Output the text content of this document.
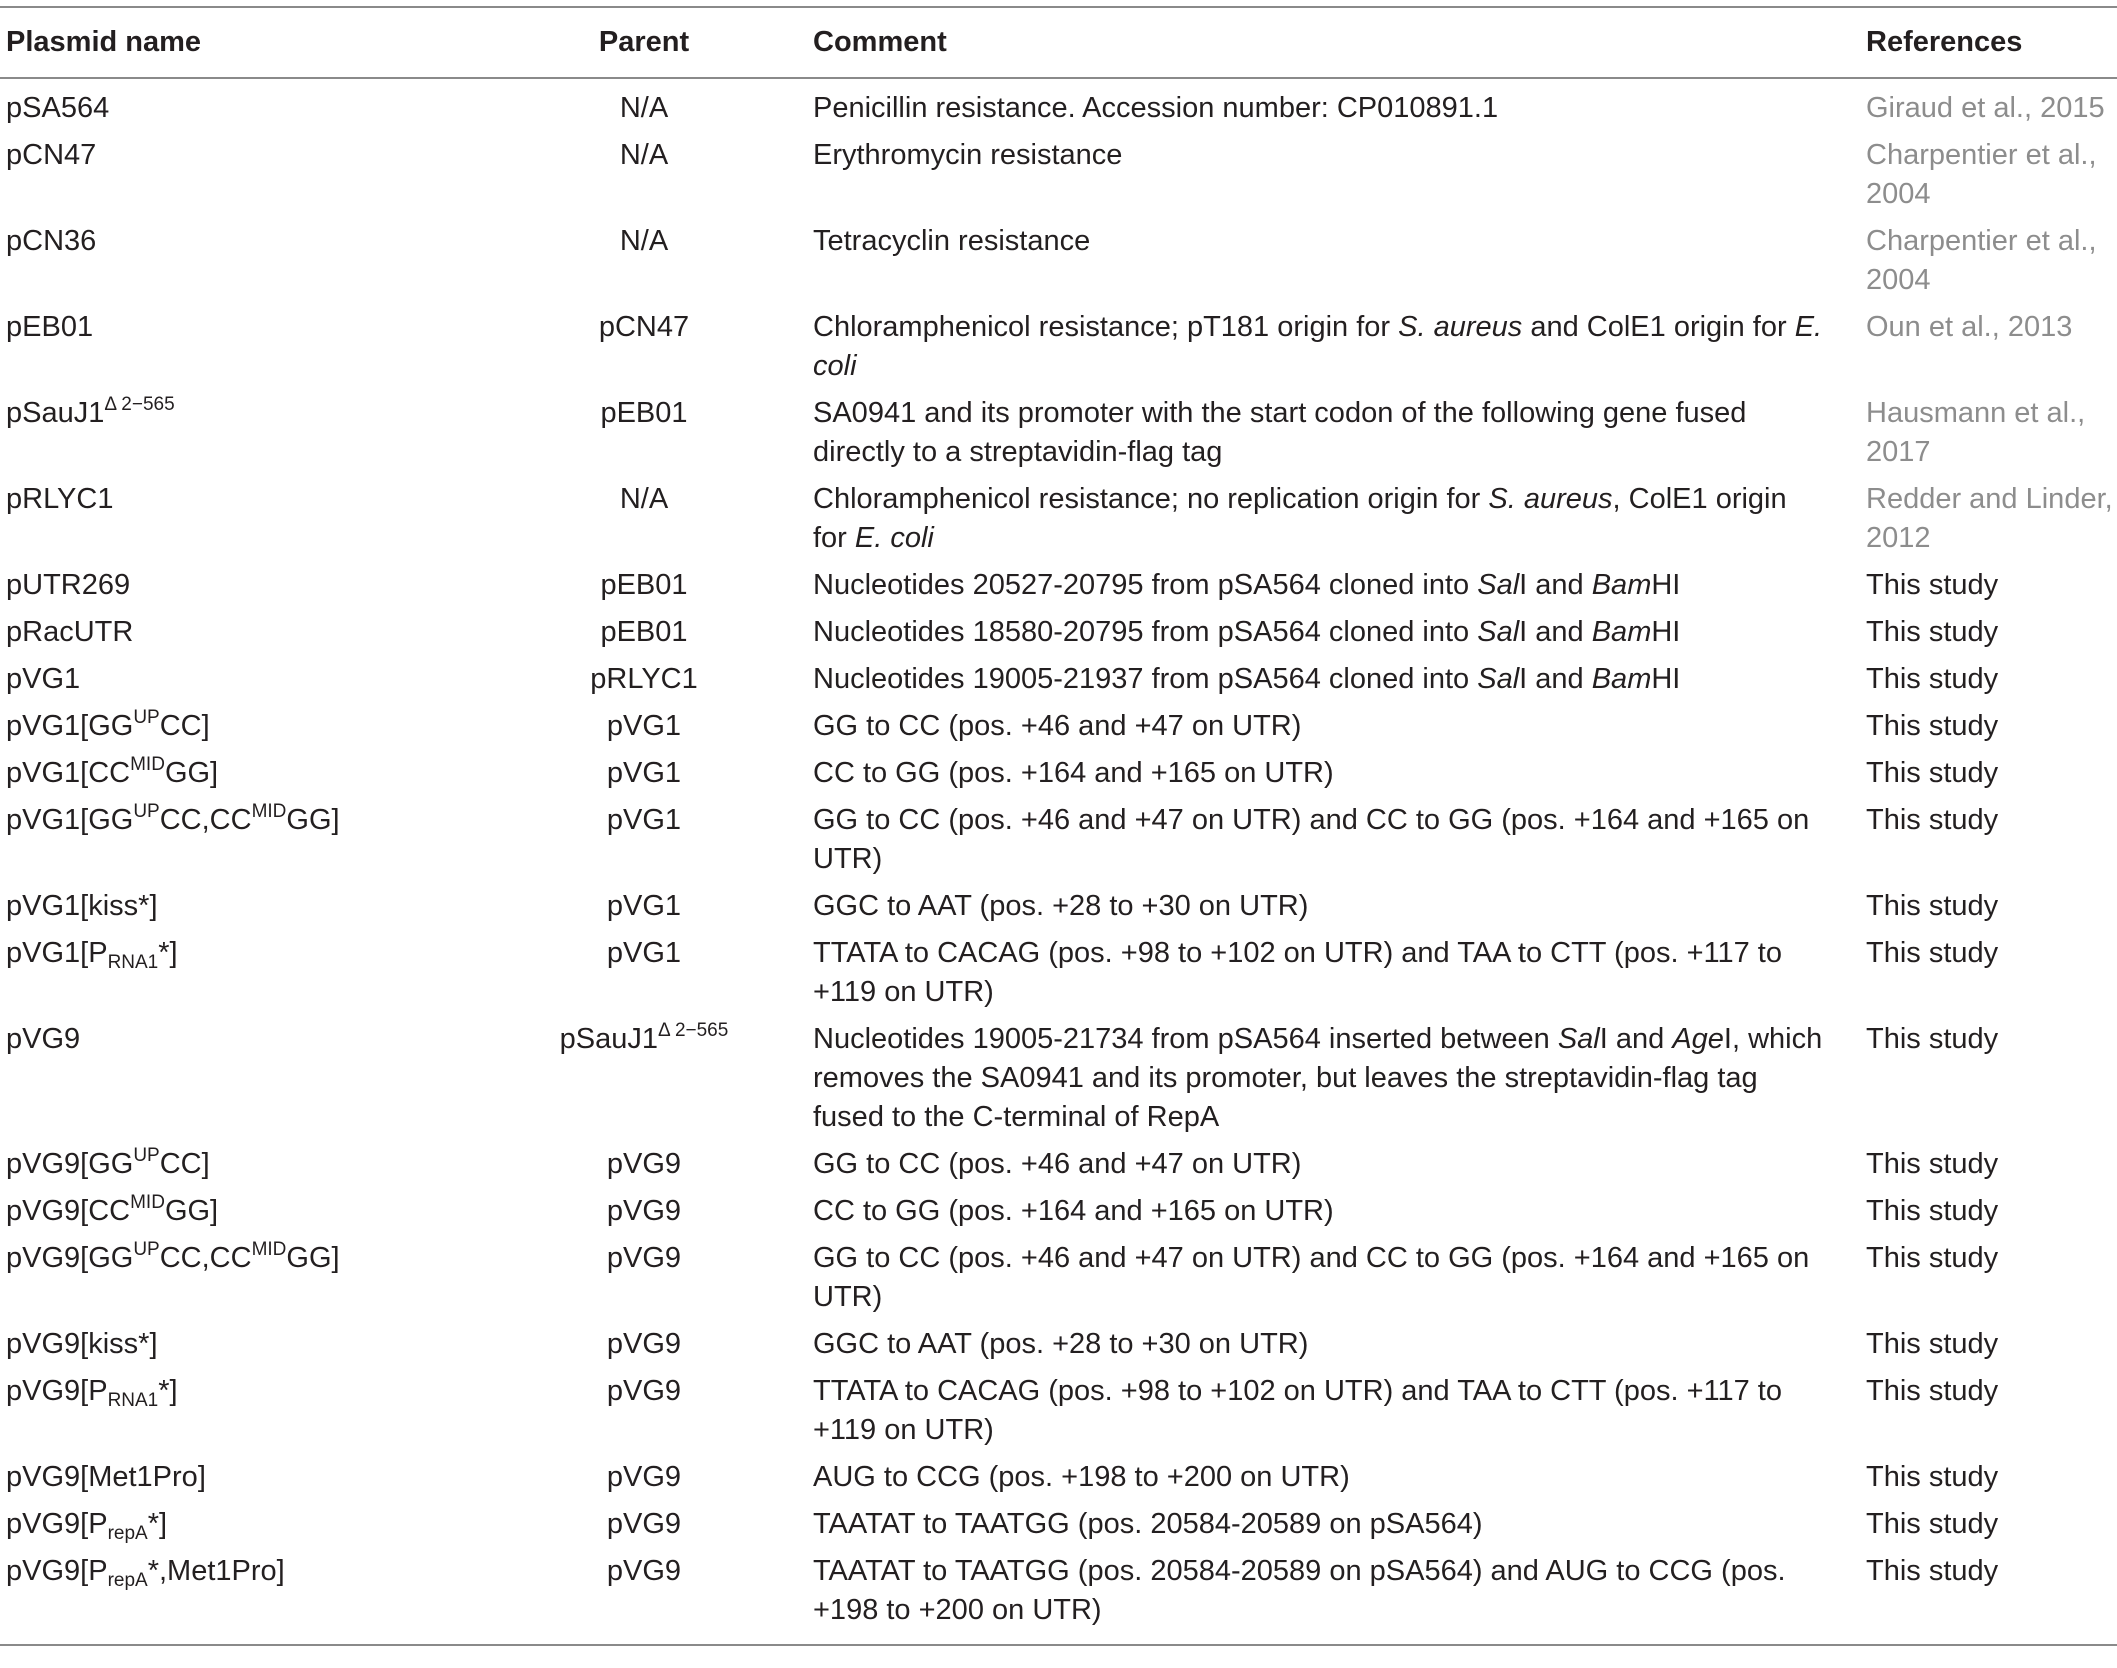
Plasmid name	Parent	Comment	References
pSA564	N/A	Penicillin resistance. Accession number: CP010891.1	Giraud et al., 2015
pCN47	N/A	Erythromycin resistance	Charpentier et al., 2004
pCN36	N/A	Tetracyclin resistance	Charpentier et al., 2004
pEB01	pCN47	Chloramphenicol resistance; pT181 origin for S. aureus and ColE1 origin for E. coli	Oun et al., 2013
$pSauJ1^{\Delta 2-565}$	pEB01	SA0941 and its promoter with the start codon of the following gene fused directly to a streptavidin-flag tag	Hausmann et al., 2017
pRLYC1	N/A	Chloramphenicol resistance; no replication origin for S. aureus, ColE1 origin for E. coli	Redder and Linder, 2012
pUTR269	pEB01	Nucleotides 20527-20795 from pSA564 cloned into SalI and BamHI	This study
pRacUTR	pEB01	Nucleotides 18580-20795 from pSA564 cloned into SalI and BamHI	This study
pVG1	pRLYC1	Nucleotides 19005-21937 from pSA564 cloned into SalI and BamHI	This study
$pVG1[GG^{UP}CC]$	pVG1	GG to CC (pos. +46 and +47 on UTR)	This study
$pVG1[CC^{MID}GG]$	pVG1	CC to GG (pos. +164 and +165 on UTR)	This study
$pVG1[GG^{UP}CC,CC^{MID}GG]$	pVG1	GG to CC (pos. +46 and +47 on UTR) and CC to GG (pos. +164 and +165 on UTR)	This study
pVG1[kiss*]	pVG1	GGC to AAT (pos. +28 to +30 on UTR)	This study
$pVG1[P_{RNA1}*]$	pVG1	TTATA to CACAG (pos. +98 to +102 on UTR) and TAA to CTT (pos. +117 to +119 on UTR)	This study
pVG9	$pSauJ1^{\Delta 2-565}$	Nucleotides 19005-21734 from pSA564 inserted between SalI and AgeI, which removes the SA0941 and its promoter, but leaves the streptavidin-flag tag fused to the C-terminal of RepA	This study
$pVG9[GG^{UP}CC]$	pVG9	GG to CC (pos. +46 and +47 on UTR)	This study
$pVG9[CC^{MID}GG]$	pVG9	CC to GG (pos. +164 and +165 on UTR)	This study
$pVG9[GG^{UP}CC,CC^{MID}GG]$	pVG9	GG to CC (pos. +46 and +47 on UTR) and CC to GG (pos. +164 and +165 on UTR)	This study
pVG9[kiss*]	pVG9	GGC to AAT (pos. +28 to +30 on UTR)	This study
$pVG9[P_{RNA1}*]$	pVG9	TTATA to CACAG (pos. +98 to +102 on UTR) and TAA to CTT (pos. +117 to +119 on UTR)	This study
pVG9[Met1Pro]	pVG9	AUG to CCG (pos. +198 to +200 on UTR)	This study
$pVG9[P_{repA}*]$	pVG9	TAATAT to TAATGG (pos. 20584-20589 on pSA564)	This study
$pVG9[P_{repA}*,Met1Pro]$	pVG9	TAATAT to TAATGG (pos. 20584-20589 on pSA564) and AUG to CCG (pos. +198 to +200 on UTR)	This study
